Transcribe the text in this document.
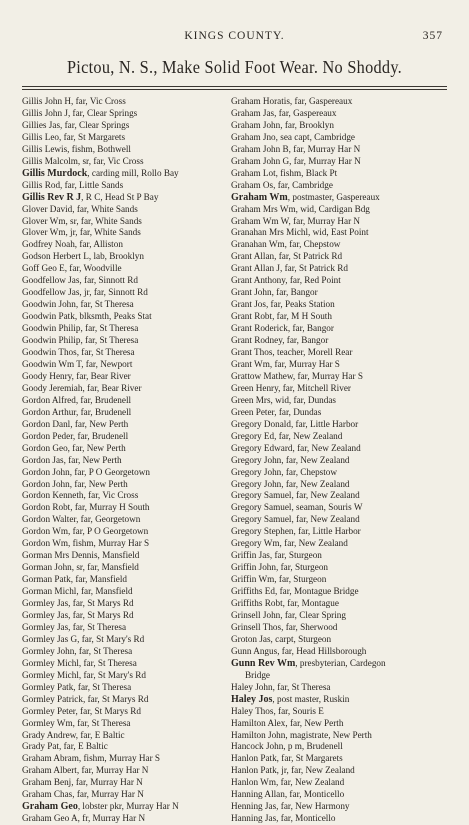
KINGS COUNTY.	357
Pictou, N. S., Make Solid Foot Wear. No Shoddy.
Gillis John H, far, Vic Cross
Gillis John J, far, Clear Springs
Gillies Jas, far, Clear Springs
Gillis Leo, far, St Margarets
Gillis Lewis, fishm, Bothwell
Gillis Malcolm, sr, far, Vic Cross
Gillis Murdock, carding mill, Rollo Bay
Gillis Rod, far, Little Sands
Gillis Rev R J, R C, Head St P Bay
Glover David, far, White Sands
Glover Wm, sr, far, White Sands
Glover Wm, jr, far, White Sands
Godfrey Noah, far, Alliston
Godson Herbert L, lab, Brooklyn
Goff Geo E, far, Woodville
Goodfellow Jas, far, Sinnott Rd
Goodfellow Jas, jr, far, Sinnott Rd
Goodwin John, far, St Theresa
Goodwin Patk, blksmth, Peaks Stat
Goodwin Philip, far, St Theresa
Goodwin Philip, far, St Theresa
Goodwin Thos, far, St Theresa
Goodwin Wm T, far, Newport
Goody Henry, far, Bear River
Goody Jeremiah, far, Bear River
Gordon Alfred, far, Brudenell
Gordon Arthur, far, Brudenell
Gordon Danl, far, New Perth
Gordon Peder, far, Brudenell
Gordon Geo, far, New Perth
Gordon Jas, far, New Perth
Gordon John, far, P O Georgetown
Gordon John, far, New Perth
Gordon Kenneth, far, Vic Cross
Gordon Robt, far, Murray H South
Gordon Walter, far, Georgetown
Gordon Wm, far, P O Georgetown
Gordon Wm, fishm, Murray Har S
Gorman Mrs Dennis, Mansfield
Gorman John, sr, far, Mansfield
Gorman Patk, far, Mansfield
Gorman Michl, far, Mansfield
Gormley Jas, far, St Marys Rd
Gormley Jas, far, St Marys Rd
Gormley Jas, far, St Theresa
Gormley Jas G, far, St Mary's Rd
Gormley John, far, St Theresa
Gormley Michl, far, St Theresa
Gormley Michl, far, St Mary's Rd
Gormley Patk, far, St Theresa
Gormley Patrick, far, St Marys Rd
Gormley Peter, far, St Marys Rd
Gormley Wm, far, St Theresa
Grady Andrew, far, E Baltic
Grady Pat, far, E Baltic
Graham Abram, fishm, Murray Har S
Graham Albert, far, Murray Har N
Graham Benj, far, Murray Har N
Graham Chas, far, Murray Har N
Graham Geo, lobster pkr, Murray Har N
Graham Geo A, fr, Murray Har N
Graham Horatis, far, Gaspereaux
Graham Jas, far, Gaspereaux
Graham John, far, Brooklyn
Graham Jno, sea capt, Cambridge
Graham John B, far, Murray Har N
Graham John G, far, Murray Har N
Graham Lot, fishm, Black Pt
Graham Os, far, Cambridge
Graham Wm, postmaster, Gaspereaux
Graham Mrs Wm, wid, Cardigan Bdg
Graham Wm W, far, Murray Har N
Granahan Mrs Michl, wid, East Point
Granahan Wm, far, Chepstow
Grant Allan, far, St Patrick Rd
Grant Allan J, far, St Patrick Rd
Grant Anthony, far, Red Point
Grant John, far, Bangor
Grant Jos, far, Peaks Station
Grant Robt, far, M H South
Grant Roderick, far, Bangor
Grant Rodney, far, Bangor
Grant Thos, teacher, Morell Rear
Grant Wm, far, Murray Har S
Grattow Mathew, far, Murray Har S
Green Henry, far, Mitchell River
Green Mrs, wid, far, Dundas
Green Peter, far, Dundas
Gregory Donald, far, Little Harbor
Gregory Ed, far, New Zealand
Gregory Edward, far, New Zealand
Gregory John, far, New Zealand
Gregory John, far, Chepstow
Gregory John, far, New Zealand
Gregory Samuel, far, New Zealand
Gregory Samuel, seaman, Souris W
Gregory Samuel, far, New Zealand
Gregory Stephen, far, Little Harbor
Gregory Wm, far, New Zealand
Griffin Jas, far, Sturgeon
Griffin John, far, Sturgeon
Griffin Wm, far, Sturgeon
Griffiths Ed, far, Montague Bridge
Griffiths Robt, far, Montague
Grinsell John, far, Clear Spring
Grinsell Thos, far, Sherwood
Groton Jas, carpt, Sturgeon
Gunn Angus, far, Head Hillsborough
Gunn Rev Wm, presbyterian, Cardegon
Bridge
Haley John, far, St Theresa
Haley Jos, post master, Ruskin
Haley Thos, far, Souris E
Hamilton Alex, far, New Perth
Hamilton John, magistrate, New Perth
Hancock John, p m, Brudenell
Hanlon Patk, far, St Margarets
Hanlon Patk, jr, far, New Zealand
Hanlon Wm, far, New Zealand
Hanning Allan, far, Monticello
Henning Jas, far, New Harmony
Hanning Jas, far, Monticello
